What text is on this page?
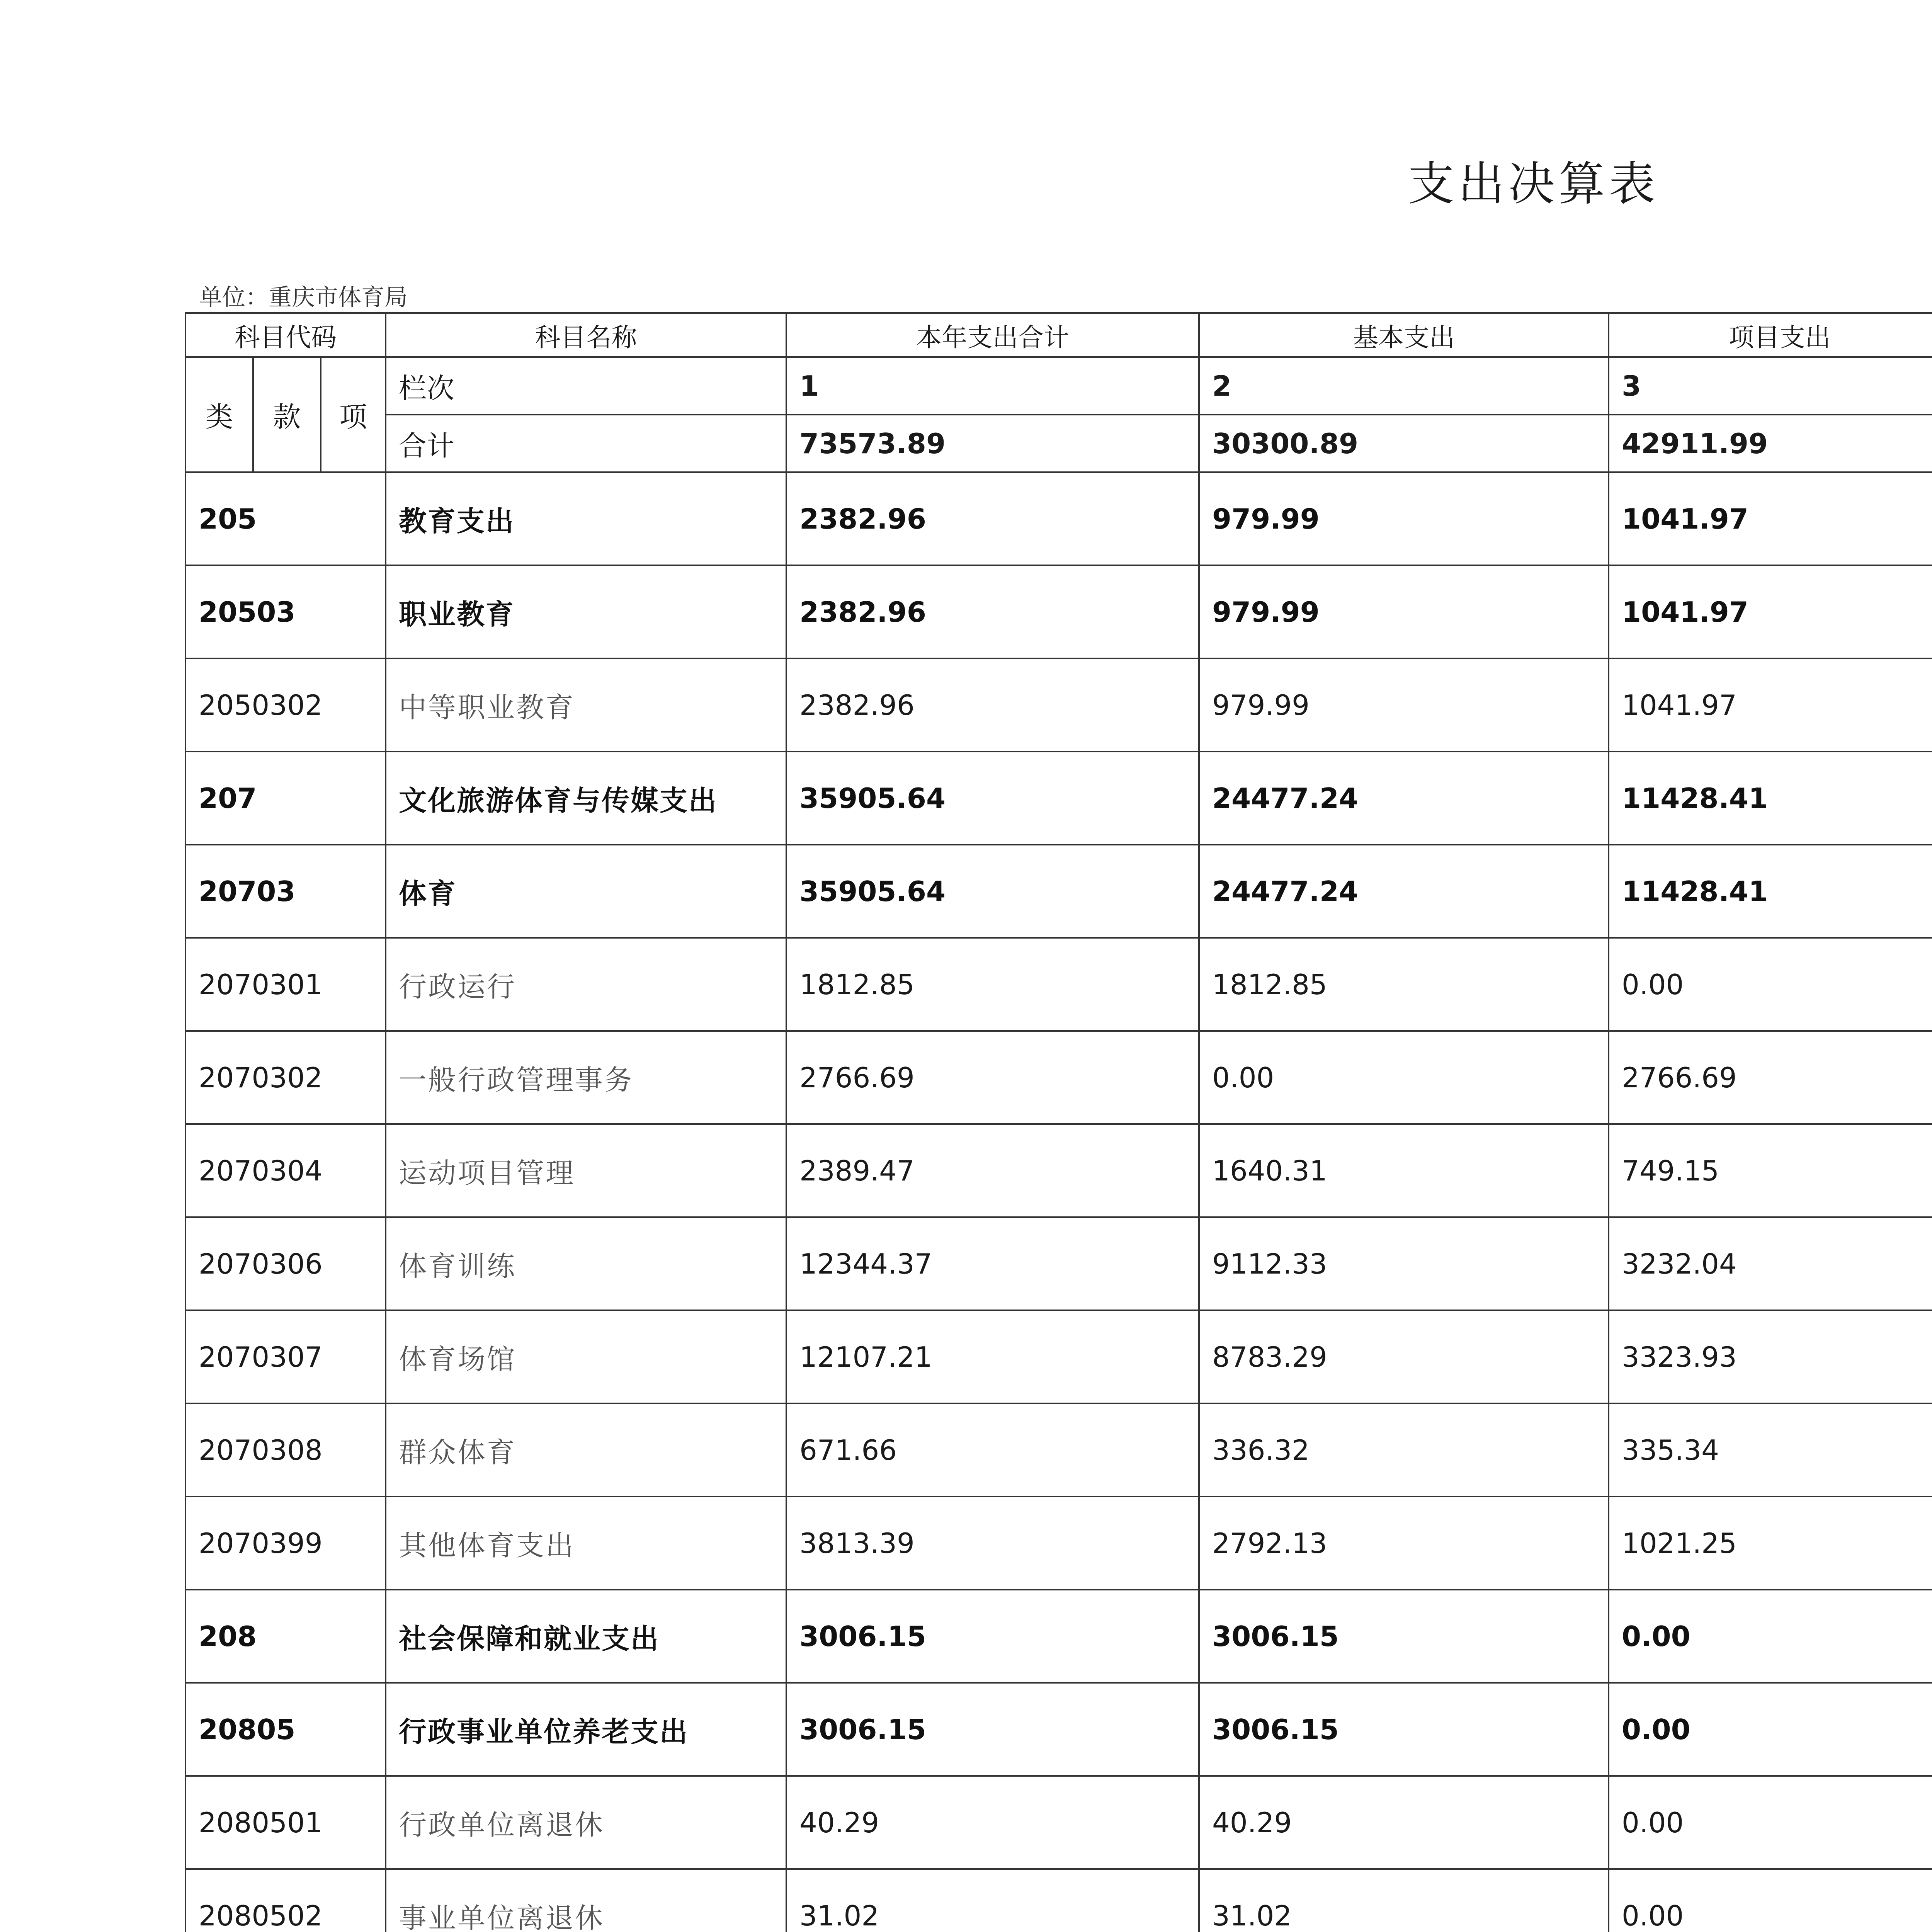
支出决算表
单位：重庆市体育局
科目代码			科目名称	本年支出合计	基本支出	项目支出			
类	款	项	栏次	1	2	3			
			合计	73573.89	30300.89	42911.99			
205			教育支出	2382.96	979.99	1041.97			
20503			职业教育	2382.96	979.99	1041.97			
2050302			中等职业教育	2382.96	979.99	1041.97			
207			文化旅游体育与传媒支出	35905.64	24477.24	11428.41			
20703			体育	35905.64	24477.24	11428.41			
2070301			行政运行	1812.85	1812.85	0.00			
2070302			一般行政管理事务	2766.69	0.00	2766.69			
2070304			运动项目管理	2389.47	1640.31	749.15			
2070306			体育训练	12344.37	9112.33	3232.04			
2070307			体育场馆	12107.21	8783.29	3323.93			
2070308			群众体育	671.66	336.32	335.34			
2070399			其他体育支出	3813.39	2792.13	1021.25			
208			社会保障和就业支出	3006.15	3006.15	0.00			
20805			行政事业单位养老支出	3006.15	3006.15	0.00			
2080501			行政单位离退休	40.29	40.29	0.00			
2080502			事业单位离退休	31.02	31.02	0.00			
